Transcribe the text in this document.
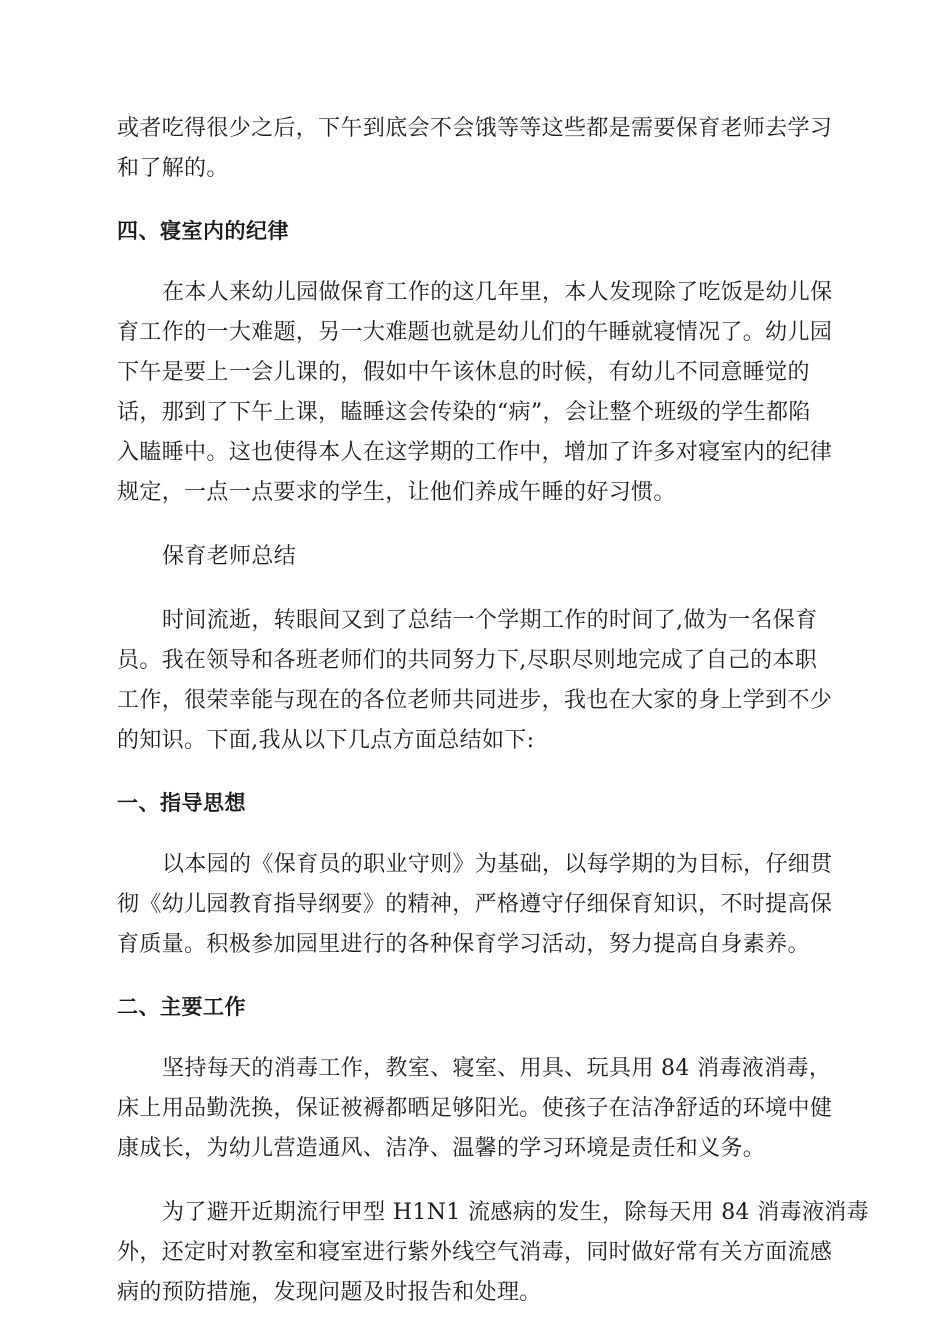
或者吃得很少之后，下午到底会不会饿等等这些都是需要保育老师去学习
和了解的。
四、寝室内的纪律
在本人来幼儿园做保育工作的这几年里，本人发现除了吃饭是幼儿保
育工作的一大难题，另一大难题也就是幼儿们的午睡就寝情况了。幼儿园
下午是要上一会儿课的，假如中午该休息的时候，有幼儿不同意睡觉的
话，那到了下午上课，瞌睡这会传染的“病”，会让整个班级的学生都陷
入瞌睡中。这也使得本人在这学期的工作中，增加了许多对寝室内的纪律
规定，一点一点要求的学生，让他们养成午睡的好习惯。
保育老师总结
时间流逝，转眼间又到了总结一个学期工作的时间了,做为一名保育
员。我在领导和各班老师们的共同努力下,尽职尽则地完成了自己的本职
工作，很荣幸能与现在的各位老师共同进步，我也在大家的身上学到不少
的知识。下面,我从以下几点方面总结如下:
一、指导思想
以本园的《保育员的职业守则》为基础，以每学期的为目标，仔细贯
彻《幼儿园教育指导纲要》的精神，严格遵守仔细保育知识，不时提高保
育质量。积极参加园里进行的各种保育学习活动，努力提高自身素养。
二、主要工作
坚持每天的消毒工作，教室、寝室、用具、玩具用 84 消毒液消毒，
床上用品勤洗换，保证被褥都晒足够阳光。使孩子在洁净舒适的环境中健
康成长，为幼儿营造通风、洁净、温馨的学习环境是责任和义务。
为了避开近期流行甲型 H1N1 流感病的发生，除每天用 84 消毒液消毒
外，还定时对教室和寝室进行紫外线空气消毒，同时做好常有关方面流感
病的预防措施，发现问题及时报告和处理。
